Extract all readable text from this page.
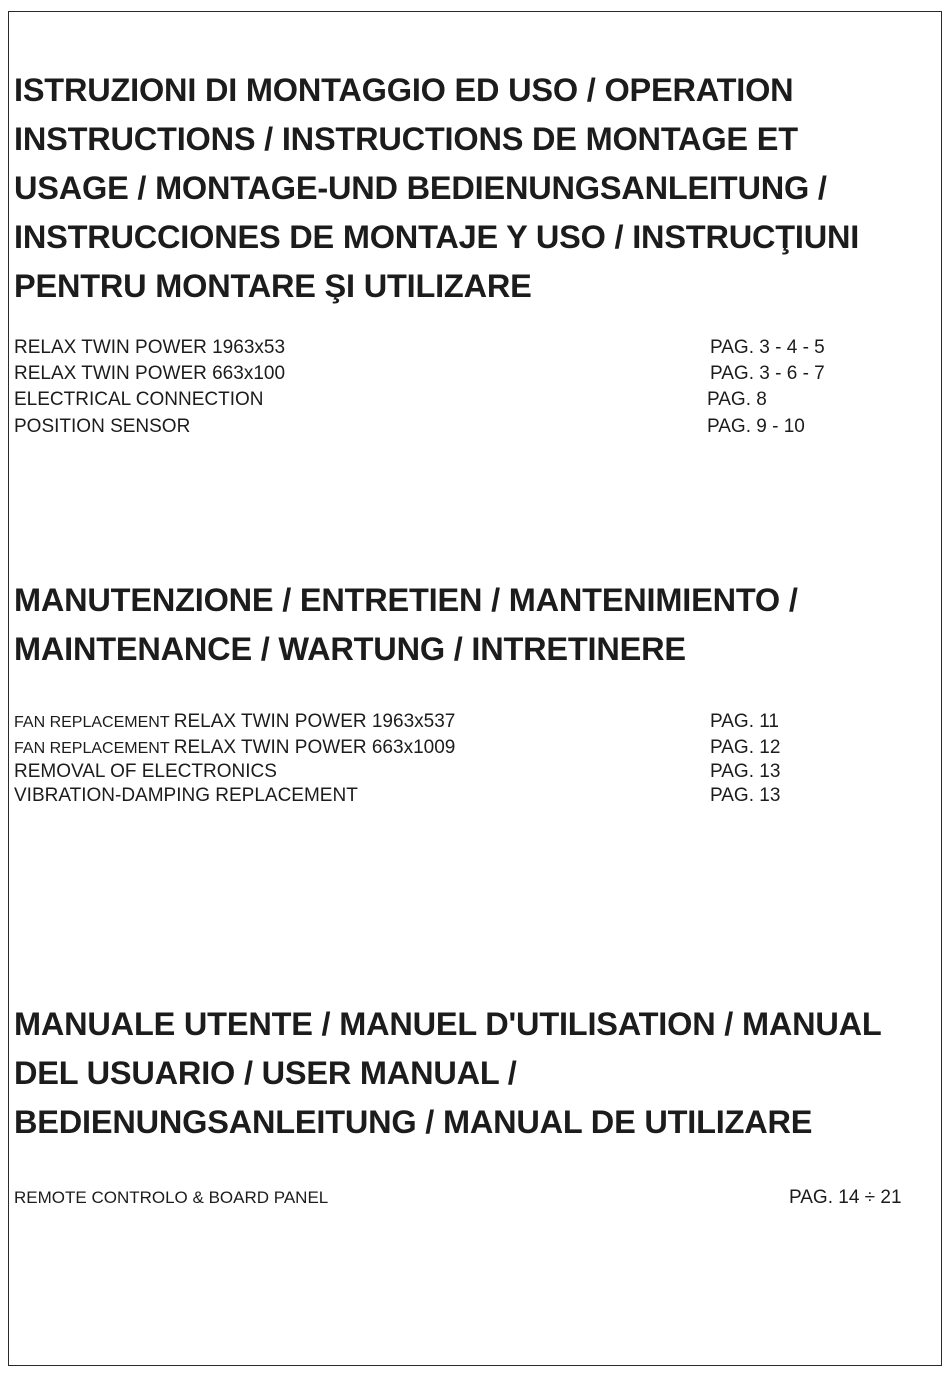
ISTRUZIONI DI MONTAGGIO ED USO / OPERATION
INSTRUCTIONS / INSTRUCTIONS DE MONTAGE ET
USAGE / MONTAGE-UND BEDIENUNGSANLEITUNG /
INSTRUCCIONES DE MONTAJE Y USO / INSTRUCŢIUNI
PENTRU MONTARE ŞI UTILIZARE
RELAX TWIN POWER 1963x53	PAG. 3 - 4 - 5
RELAX TWIN POWER 663x100	PAG. 3 - 6 - 7
ELECTRICAL CONNECTION	PAG. 8
POSITION SENSOR	PAG. 9 - 10
MANUTENZIONE / ENTRETIEN / MANTENIMIENTO /
MAINTENANCE / WARTUNG / INTRETINERE
FAN REPLACEMENT RELAX TWIN POWER 1963x537	PAG. 11
FAN REPLACEMENT RELAX TWIN POWER 663x1009	PAG. 12
REMOVAL OF ELECTRONICS	PAG. 13
VIBRATION-DAMPING REPLACEMENT	PAG. 13
MANUALE UTENTE / MANUEL D'UTILISATION / MANUAL
DEL USUARIO / USER MANUAL /
BEDIENUNGSANLEITUNG / MANUAL DE UTILIZARE
REMOTE CONTROLO & BOARD PANEL	PAG. 14 ÷ 21
